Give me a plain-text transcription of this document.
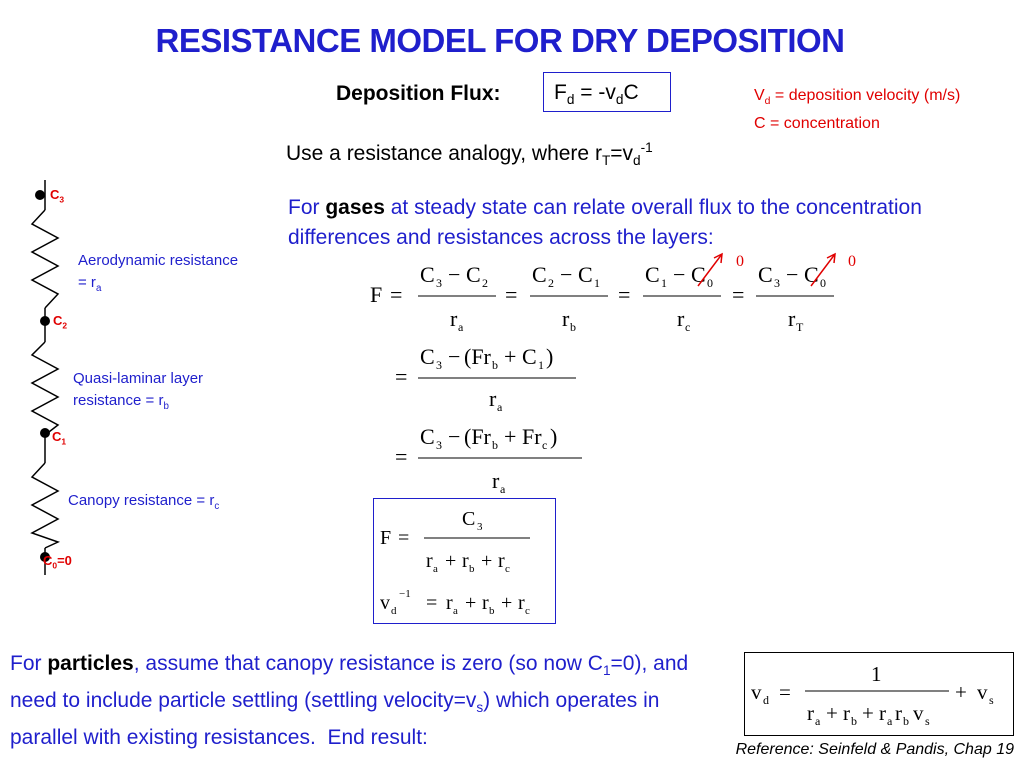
RESISTANCE MODEL FOR DRY DEPOSITION
Deposition Flux:	$F_d = -v_dC$	$V_d$ = deposition velocity (m/s)
C = concentration
Use a resistance analogy, where $r_T=v_d^{-1}$
For gases at steady state can relate overall flux to the concentration differences and resistances across the layers:
$C_3$
$C_2$
$C_1$
$C_0=0$
Aerodynamic resistance
= $r_a$
Quasi-laminar layer
resistance = $r_b$
Canopy resistance = $r_c$
F =
C 3 − C 2
r a
=
C 2 − C 1
r b
=
C 1 − C 0
r c
=
C 3 − C 0
r T
=
C 3 − (Fr b + C 1 )
r a
=
C 3 − (Fr b + Fr c )
r a
0	0
F =
C 3
r a + r b + r c
v d
−1 = r a + r b + r c
For particles, assume that canopy resistance is zero (so now $C_1=0$), and need to include particle settling (settling $velocity=v_s$) which operates in parallel with existing resistances.  End result:
v d =
1
r a + r b + r a r b v s
+ v s
Reference: Seinfeld & Pandis, Chap 19
